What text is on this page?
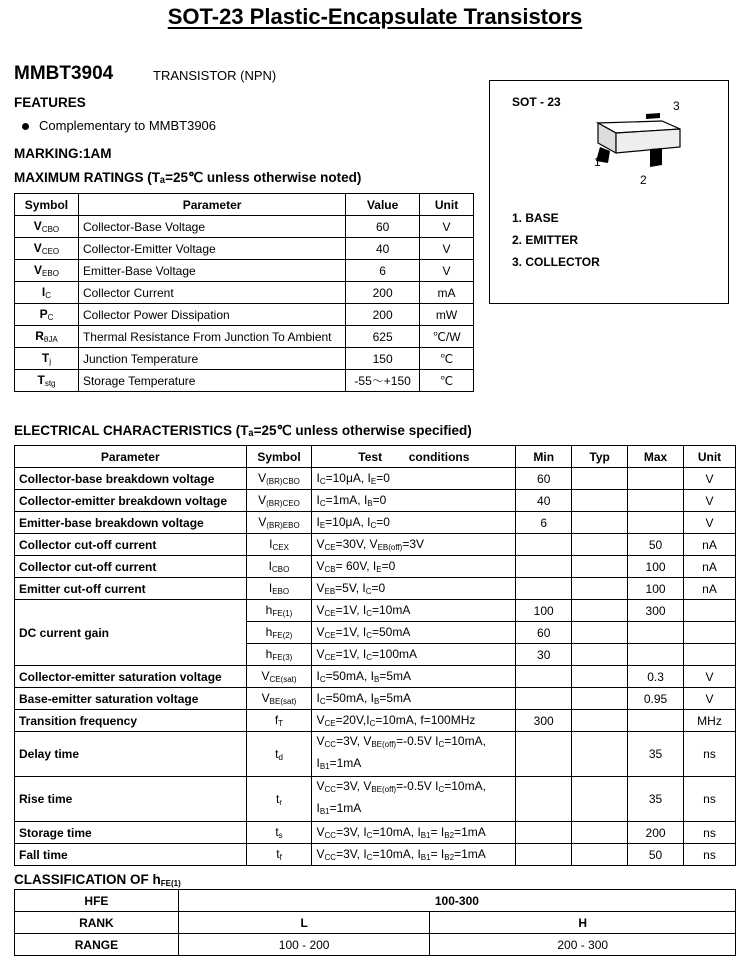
SOT-23 Plastic-Encapsulate Transistors
MMBT3904	TRANSISTOR (NPN)
FEATURES
Complementary to MMBT3906
MARKING:1AM
MAXIMUM RATINGS (Tₐ=25℃ unless otherwise noted)
Symbol	Parameter	Value	Unit
$V_{CBO}$	Collector-Base Voltage	60	V
$V_{CEO}$	Collector-Emitter Voltage	40	V
$V_{EBO}$	Emitter-Base Voltage	6	V
$I_C$	Collector Current	200	mA
$P_C$	Collector Power Dissipation	200	mW
$R_{\theta JA}$	Thermal Resistance From Junction To Ambient	625	℃/W
$T_j$	Junction Temperature	150	℃
$T_{stg}$	Storage Temperature	-55～+150	℃
SOT - 23	3
1
2
1. BASE
2. EMITTER
3. COLLECTOR
ELECTRICAL CHARACTERISTICS (Tₐ=25℃ unless otherwise specified)
Parameter	Symbol	Test        conditions	Min	Typ	Max	Unit
Collector-base breakdown voltage	$V_{(BR)CBO}$	$I_C=10\mu A$, $I_E=0$	60			V
Collector-emitter breakdown voltage	$V_{(BR)CEO}$	$I_C=1mA$, $I_B=0$	40			V
Emitter-base breakdown voltage	$V_{(BR)EBO}$	$I_E=10\mu A$, $I_C=0$	6			V
Collector cut-off current	$I_{CEX}$	$V_{CE}=30V$, $V_{EB(off)}=3V$			50	nA
Collector cut-off current	$I_{CBO}$	$V_{CB}= 60V$, $I_E=0$			100	nA
Emitter cut-off current	$I_{EBO}$	$V_{EB}=5V$, $I_C=0$			100	nA
DC current gain	$h_{FE(1)}$	$V_{CE}=1V$, $I_C=10mA$	100		300	
	$h_{FE(2)}$	$V_{CE}=1V$, $I_C=50mA$	60			
	$h_{FE(3)}$	$V_{CE}=1V$, $I_C=100mA$	30			
Collector-emitter saturation voltage	$V_{CE(sat)}$	$I_C=50mA$, $I_B=5mA$			0.3	V
Base-emitter saturation voltage	$V_{BE(sat)}$	$I_C=50mA$, $I_B=5mA$			0.95	V
Transition frequency	$f_T$	$V_{CE}=20V,I_C=10mA$, f=100MHz	300			MHz
Delay time	$t_d$	$V_{CC}=3V$, $V_{BE(off)}=-0.5V$ $I_C=10mA$,
$I_{B1}=1mA$			35	ns
Rise time	$t_r$	$V_{CC}=3V$, $V_{BE(off)}=-0.5V$ $I_C=10mA$,
$I_{B1}=1mA$			35	ns
Storage time	$t_s$	$V_{CC}=3V$, $I_C=10mA$, $I_{B1}= I_{B2}=1mA$			200	ns
Fall time	$t_f$	$V_{CC}=3V$, $I_C=10mA$, $I_{B1}= I_{B2}=1mA$			50	ns
CLASSIFICATION OF $h_{FE(1)}$
HFE	100-300	
RANK	L	H
RANGE	100 - 200	200 - 300
